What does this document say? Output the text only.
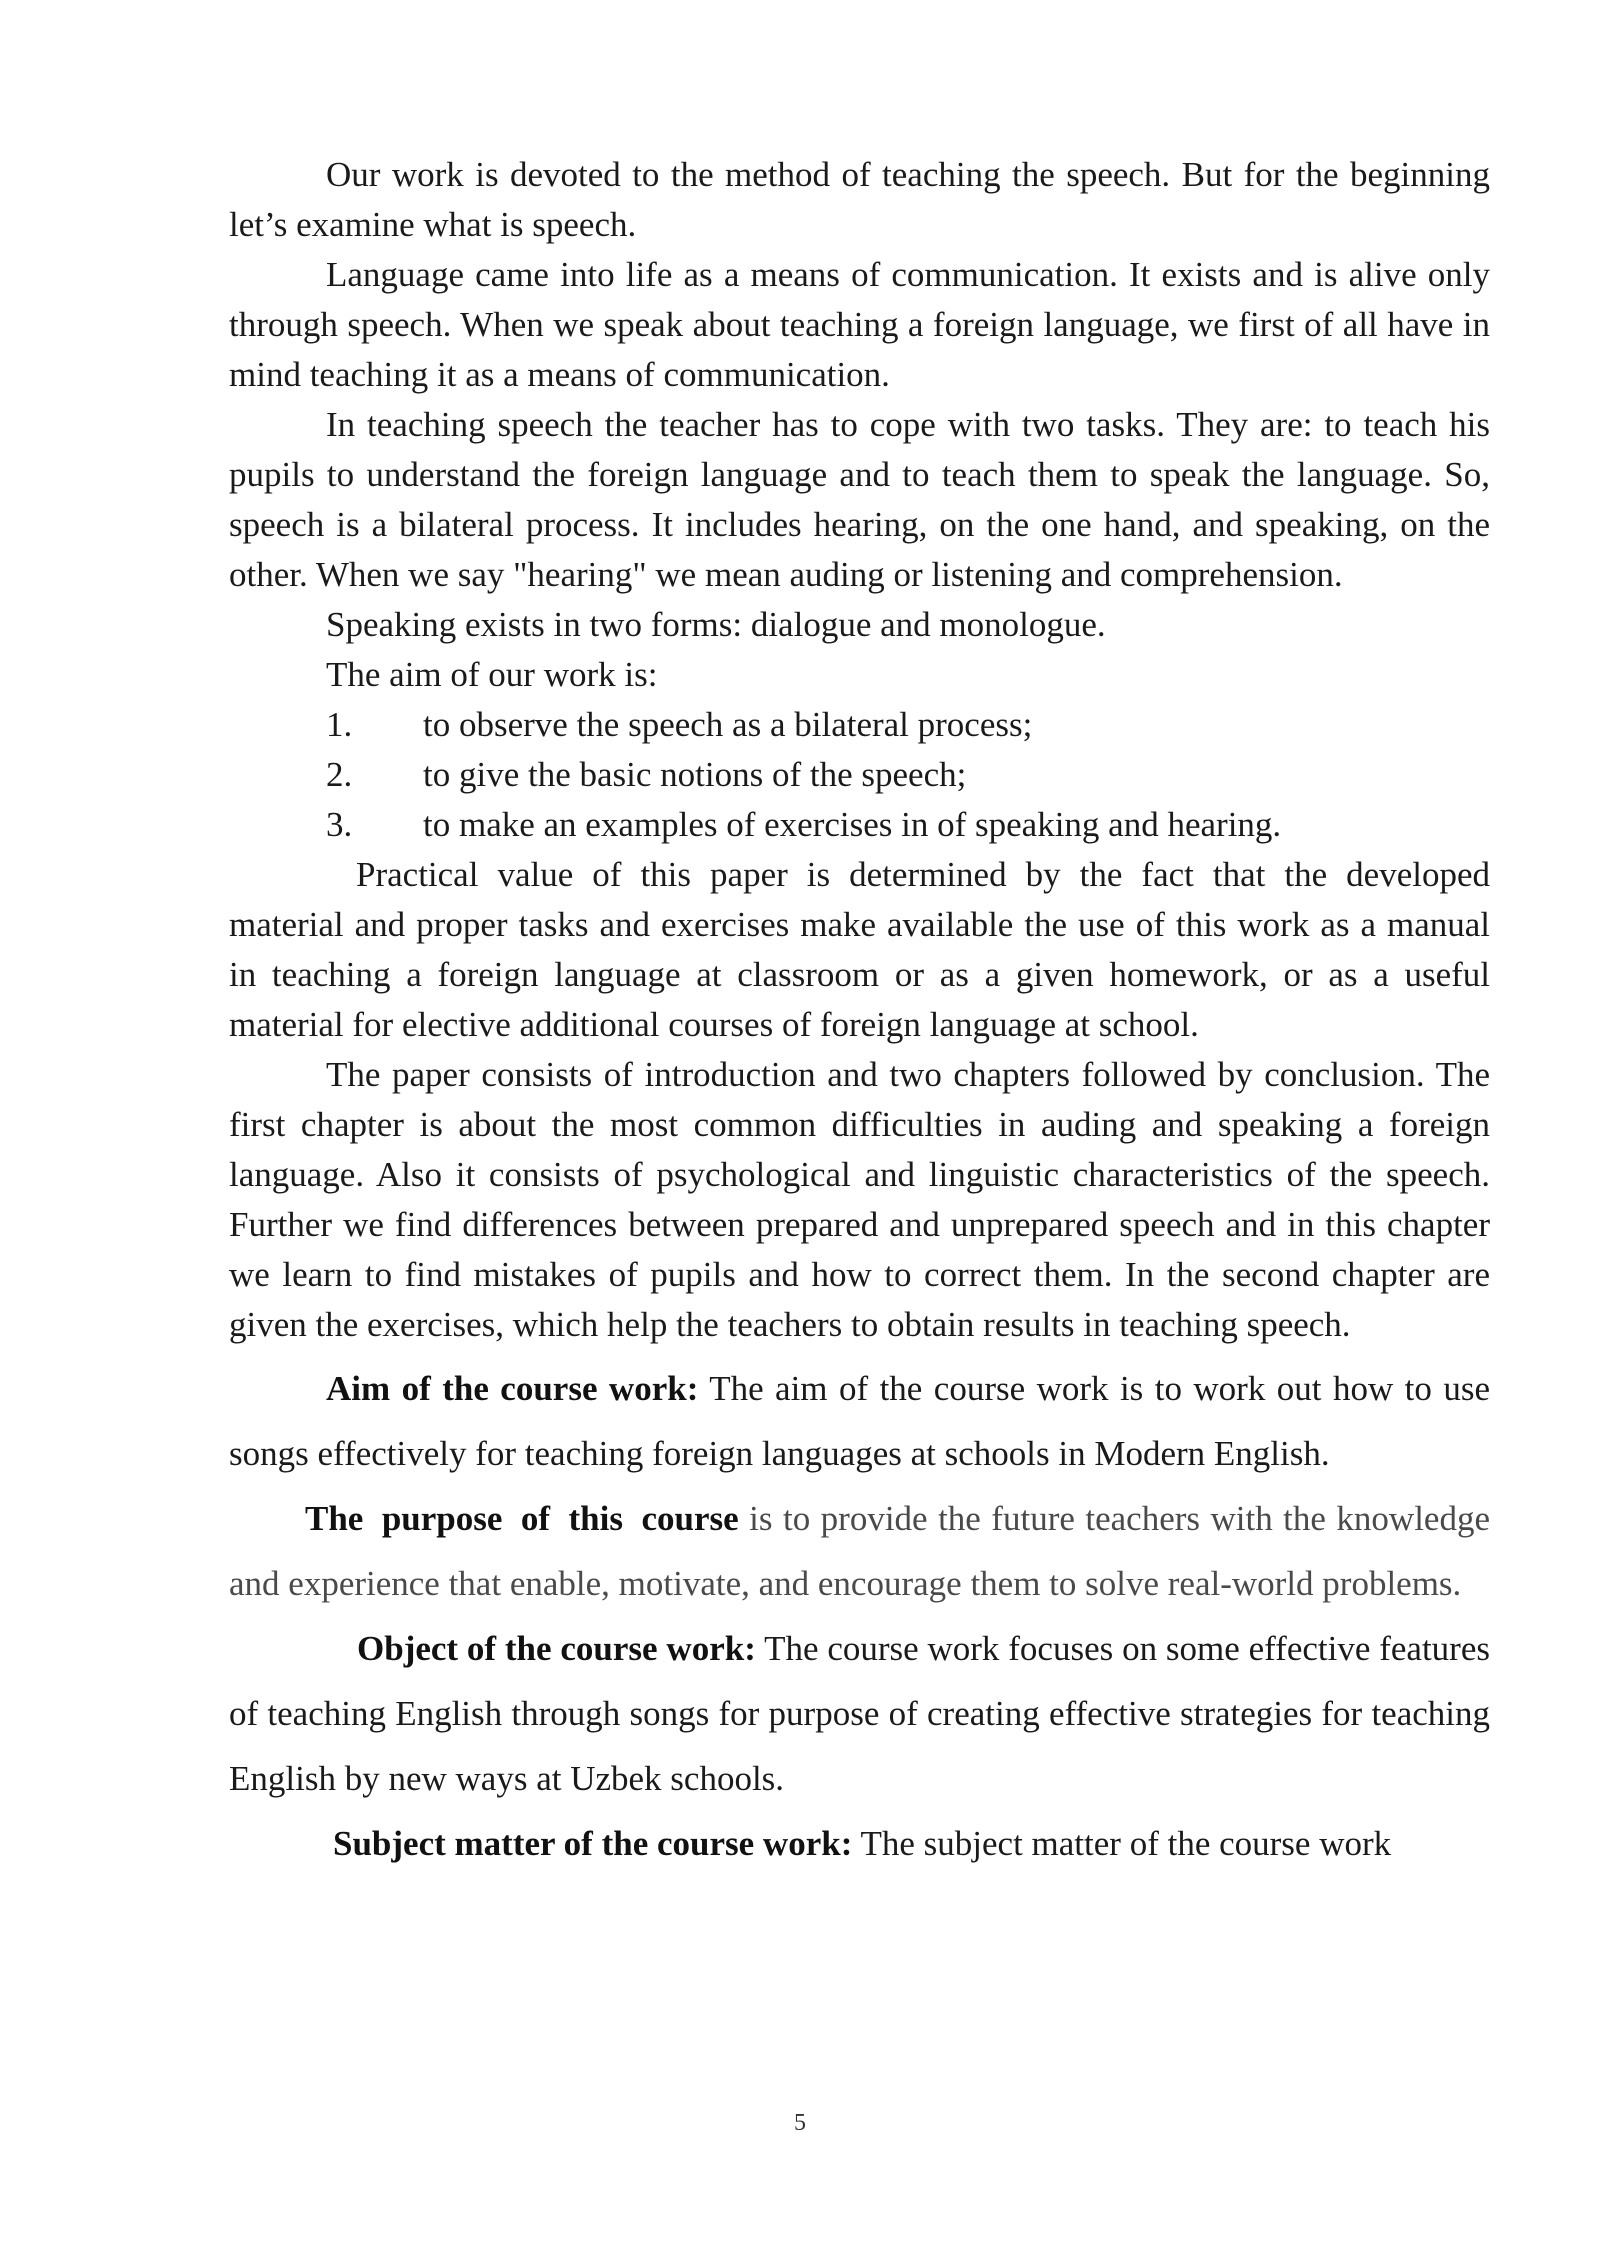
Our work is devoted to the method of teaching the speech. But for the beginning let’s examine what is speech.

Language came into life as a means of communication. It exists and is alive only through speech. When we speak about teaching a foreign language, we first of all have in mind teaching it as a means of communication.

In teaching speech the teacher has to cope with two tasks. They are: to teach his pupils to understand the foreign language and to teach them to speak the language. So, speech is a bilateral process. It includes hearing, on the one hand, and speaking, on the other. When we say "hearing" we mean auding or listening and comprehension.

Speaking exists in two forms: dialogue and monologue.

The aim of our work is:

1.	to observe the speech as a bilateral process;
2.	to give the basic notions of the speech;
3.	to make an examples of exercises in of speaking and hearing.

Practical value of this paper is determined by the fact that the developed material and proper tasks and exercises make available the use of this work as a manual in teaching a foreign language at classroom or as a given homework, or as a useful material for elective additional courses of foreign language at school.

The paper consists of introduction and two chapters followed by conclusion. The first chapter is about the most common difficulties in auding and speaking a foreign language. Also it consists of psychological and linguistic characteristics of the speech. Further we find differences between prepared and unprepared speech and in this chapter we learn to find mistakes of pupils and how to correct them. In the second chapter are given the exercises, which help the teachers to obtain results in teaching speech.

Aim of the course work: The aim of the course work is to work out how to use songs effectively for teaching foreign languages at schools in Modern English.

The purpose of this course is to provide the future teachers with the knowledge and experience that enable, motivate, and encourage them to solve real-world problems.

Object of the course work: The course work focuses on some effective features of teaching English through songs for purpose of creating effective strategies for teaching English by new ways at Uzbek schools.

Subject matter of the course work: The subject matter of the course work

5
